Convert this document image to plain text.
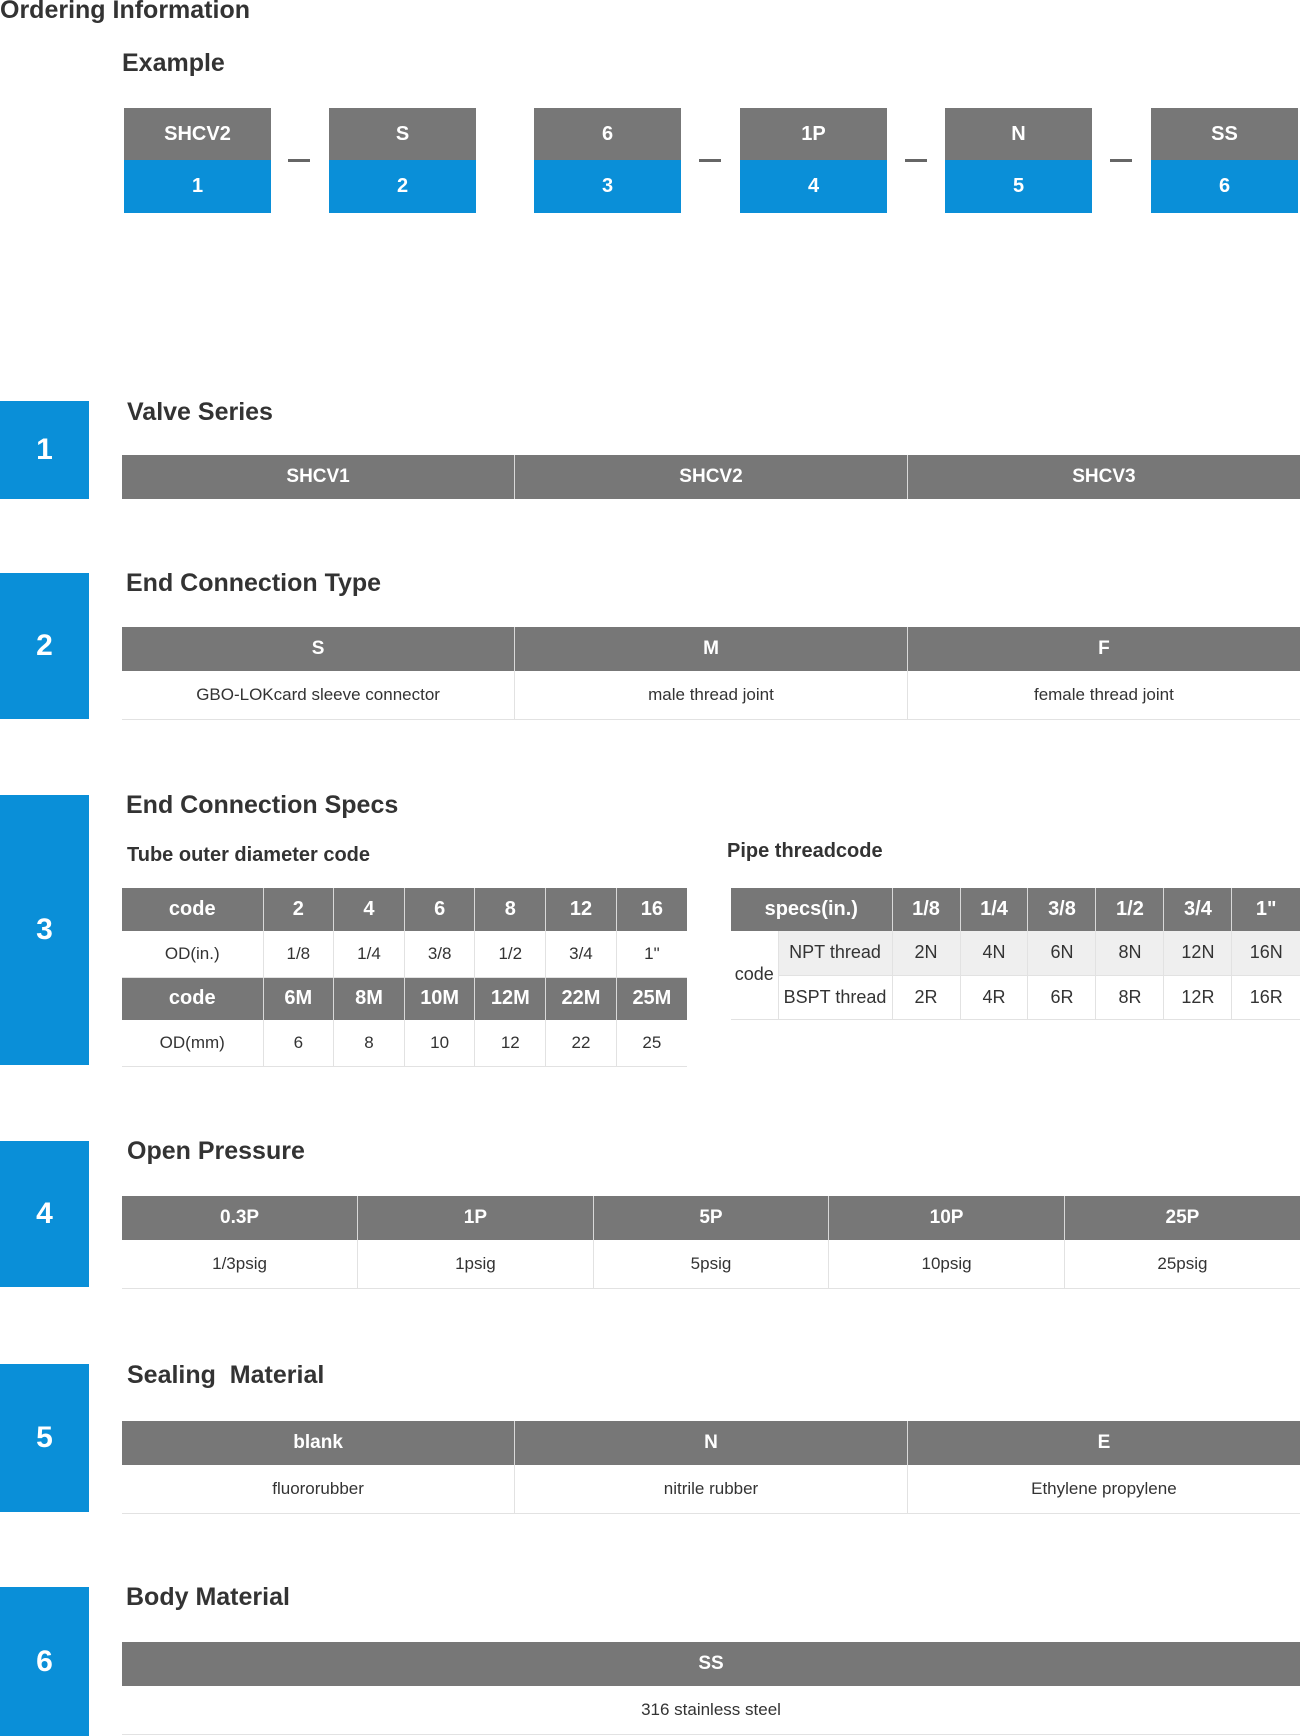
Ordering Information
Example
SHCV2
1
S
2
6
3
1P
4
N
5
SS
6
1
Valve Series
SHCV1	SHCV2	SHCV3
2
End Connection Type
S	M	F
GBO-LOKcard sleeve connector	male thread joint	female thread joint
3
End Connection Specs
Tube outer diameter code	Pipe threadcode
code	2	4	6	8	12	16
OD(in.)	1/8	1/4	3/8	1/2	3/4	1"
code	6M	8M	10M	12M	22M	25M
OD(mm)	6	8	10	12	22	25
specs(in.)		1/8	1/4	3/8	1/2	3/4	1"
code	NPT thread	2N	4N	6N	8N	12N	16N
	BSPT thread	2R	4R	6R	8R	12R	16R
4
Open Pressure
0.3P	1P	5P	10P	25P
1/3psig	1psig	5psig	10psig	25psig
5
Sealing  Material
blank	N	E
fluororubber	nitrile rubber	Ethylene propylene
6
Body Material
SS
316 stainless steel
